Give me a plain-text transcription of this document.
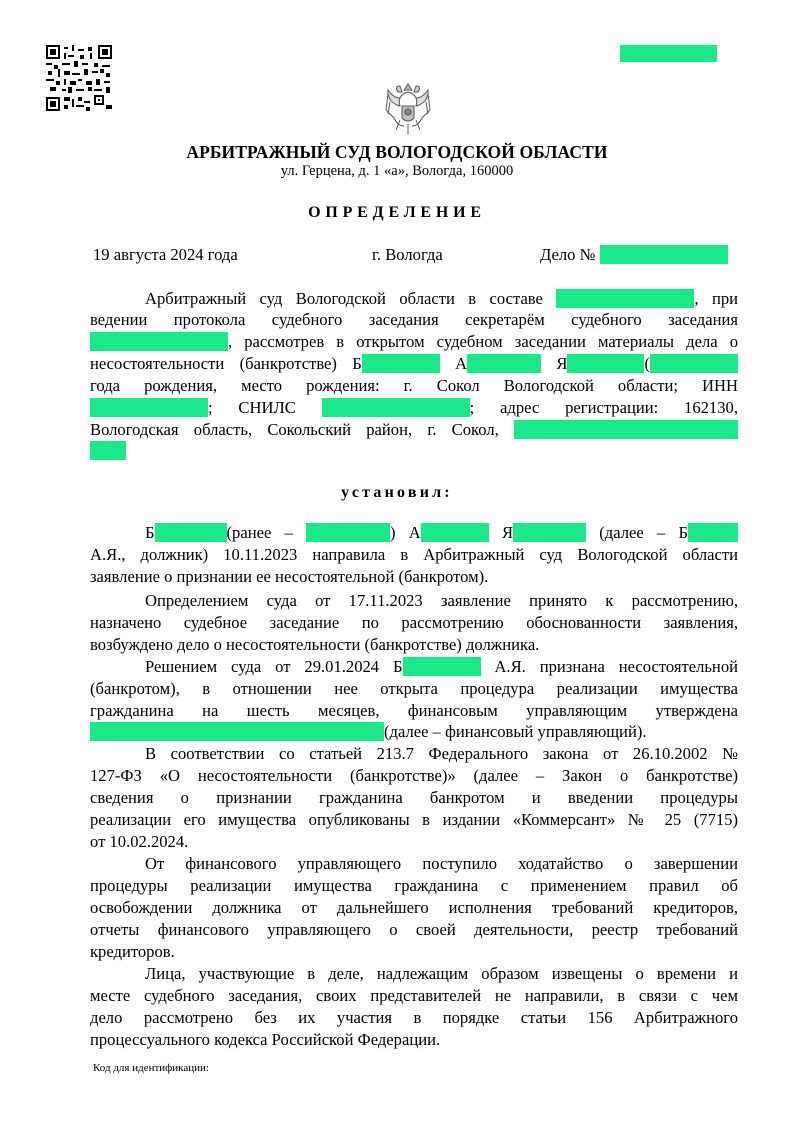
АРБИТРАЖНЫЙ СУД ВОЛОГОДСКОЙ ОБЛАСТИ
ул. Герцена, д. 1 «а», Вологда, 160000
ОПРЕДЕЛЕНИЕ
19 августа 2024 года	г. Вологда	Дело №
Арбитражный суд Вологодской области в составе	, при
ведении протокола судебного заседания секретарём судебного заседания
, рассмотрев в открытом судебном заседании материалы дела о
несостоятельности (банкротстве) Б	А	Я	(
года рождения, место рождения: г. Сокол Вологодской области; ИНН
; СНИЛС	; адрес регистрации: 162130,
Вологодская область, Сокольский район, г. Сокол,
установил:
Б	(ранее –	) А	Я	(далее – Б
А.Я., должник) 10.11.2023 направила в Арбитражный суд Вологодской области
заявление о признании ее несостоятельной (банкротом).
Определением суда от 17.11.2023 заявление принято к рассмотрению,
назначено судебное заседание по рассмотрению обоснованности заявления,
возбуждено дело о несостоятельности (банкротстве) должника.
Решением суда от 29.01.2024 Б	А.Я. признана несостоятельной
(банкротом), в отношении нее открыта процедура реализации имущества
гражданина на шесть месяцев, финансовым управляющим утверждена
(далее – финансовый управляющий).
В соответствии со статьей 213.7 Федерального закона от 26.10.2002 №
127-ФЗ «О несостоятельности (банкротстве)» (далее – Закон о банкротстве)
сведения о признании гражданина банкротом и введении процедуры
реализации его имущества опубликованы в издании «Коммерсант» № 25 (7715)
от 10.02.2024.
От финансового управляющего поступило ходатайство о завершении
процедуры реализации имущества гражданина с применением правил об
освобождении должника от дальнейшего исполнения требований кредиторов,
отчеты финансового управляющего о своей деятельности, реестр требований
кредиторов.
Лица, участвующие в деле, надлежащим образом извещены о времени и
месте судебного заседания, своих представителей не направили, в связи с чем
дело рассмотрено без их участия в порядке статьи 156 Арбитражного
процессуального кодекса Российской Федерации.
Код для идентификации:
